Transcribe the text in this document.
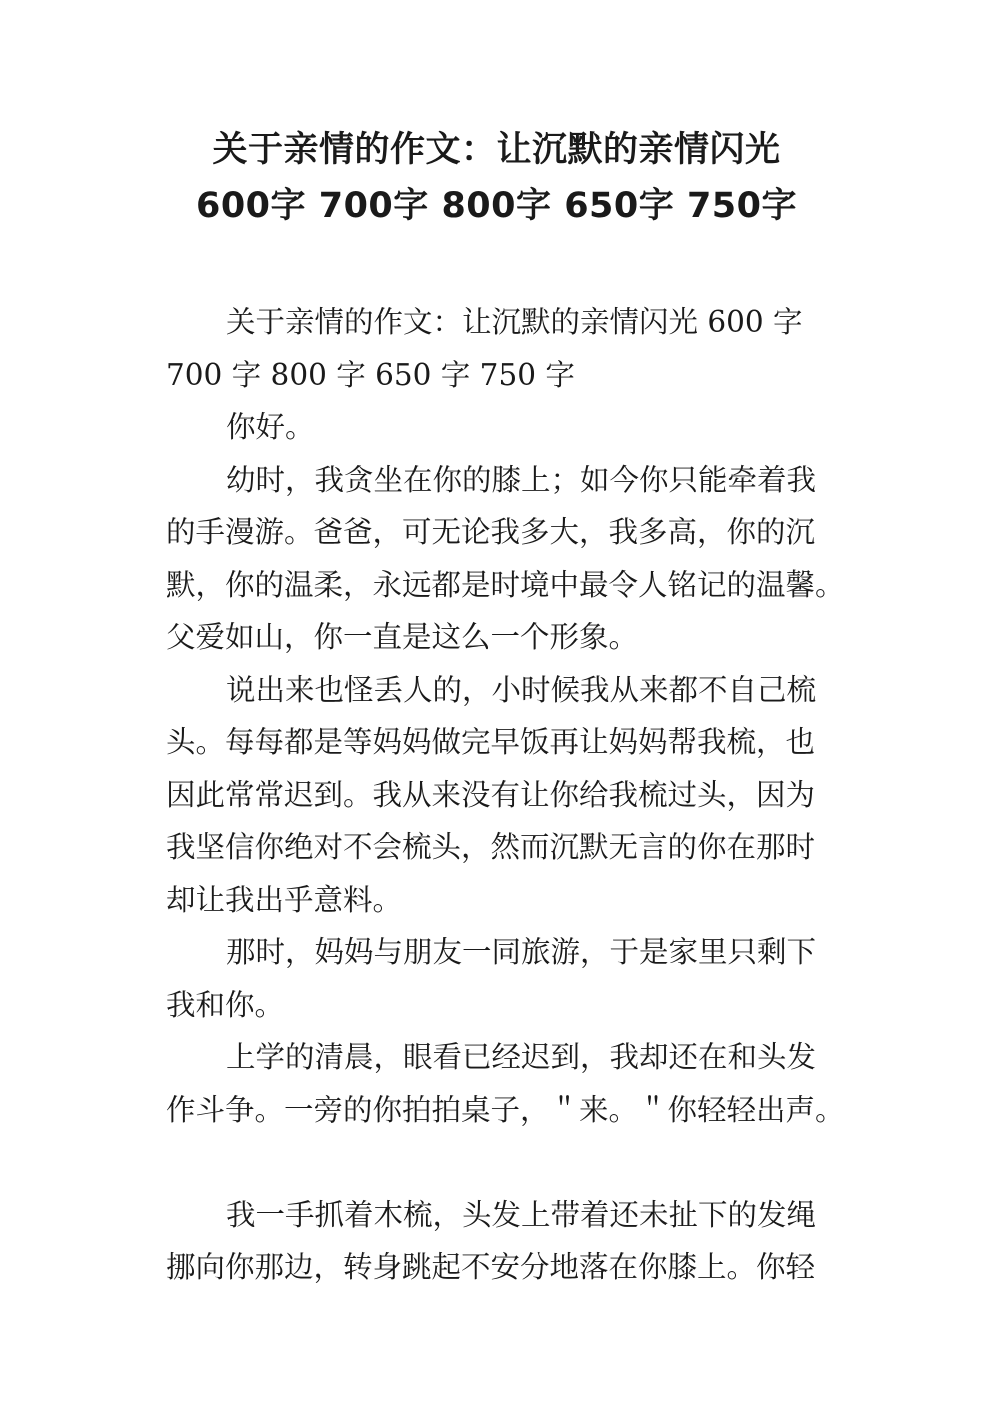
关于亲情的作文：让沉默的亲情闪光
600字 700字 800字 650字 750字
关于亲情的作文：让沉默的亲情闪光 600 字
700 字 800 字 650 字 750 字
你好。
幼时，我贪坐在你的膝上；如今你只能牵着我
的手漫游。爸爸，可无论我多大，我多高，你的沉
默，你的温柔，永远都是时境中最令人铭记的温馨。
父爱如山，你一直是这么一个形象。
说出来也怪丢人的，小时候我从来都不自己梳
头。每每都是等妈妈做完早饭再让妈妈帮我梳，也
因此常常迟到。我从来没有让你给我梳过头，因为
我坚信你绝对不会梳头，然而沉默无言的你在那时
却让我出乎意料。
那时，妈妈与朋友一同旅游，于是家里只剩下
我和你。
上学的清晨，眼看已经迟到，我却还在和头发
作斗争。一旁的你拍拍桌子，＂来。＂你轻轻出声。
我一手抓着木梳，头发上带着还未扯下的发绳
挪向你那边，转身跳起不安分地落在你膝上。你轻
